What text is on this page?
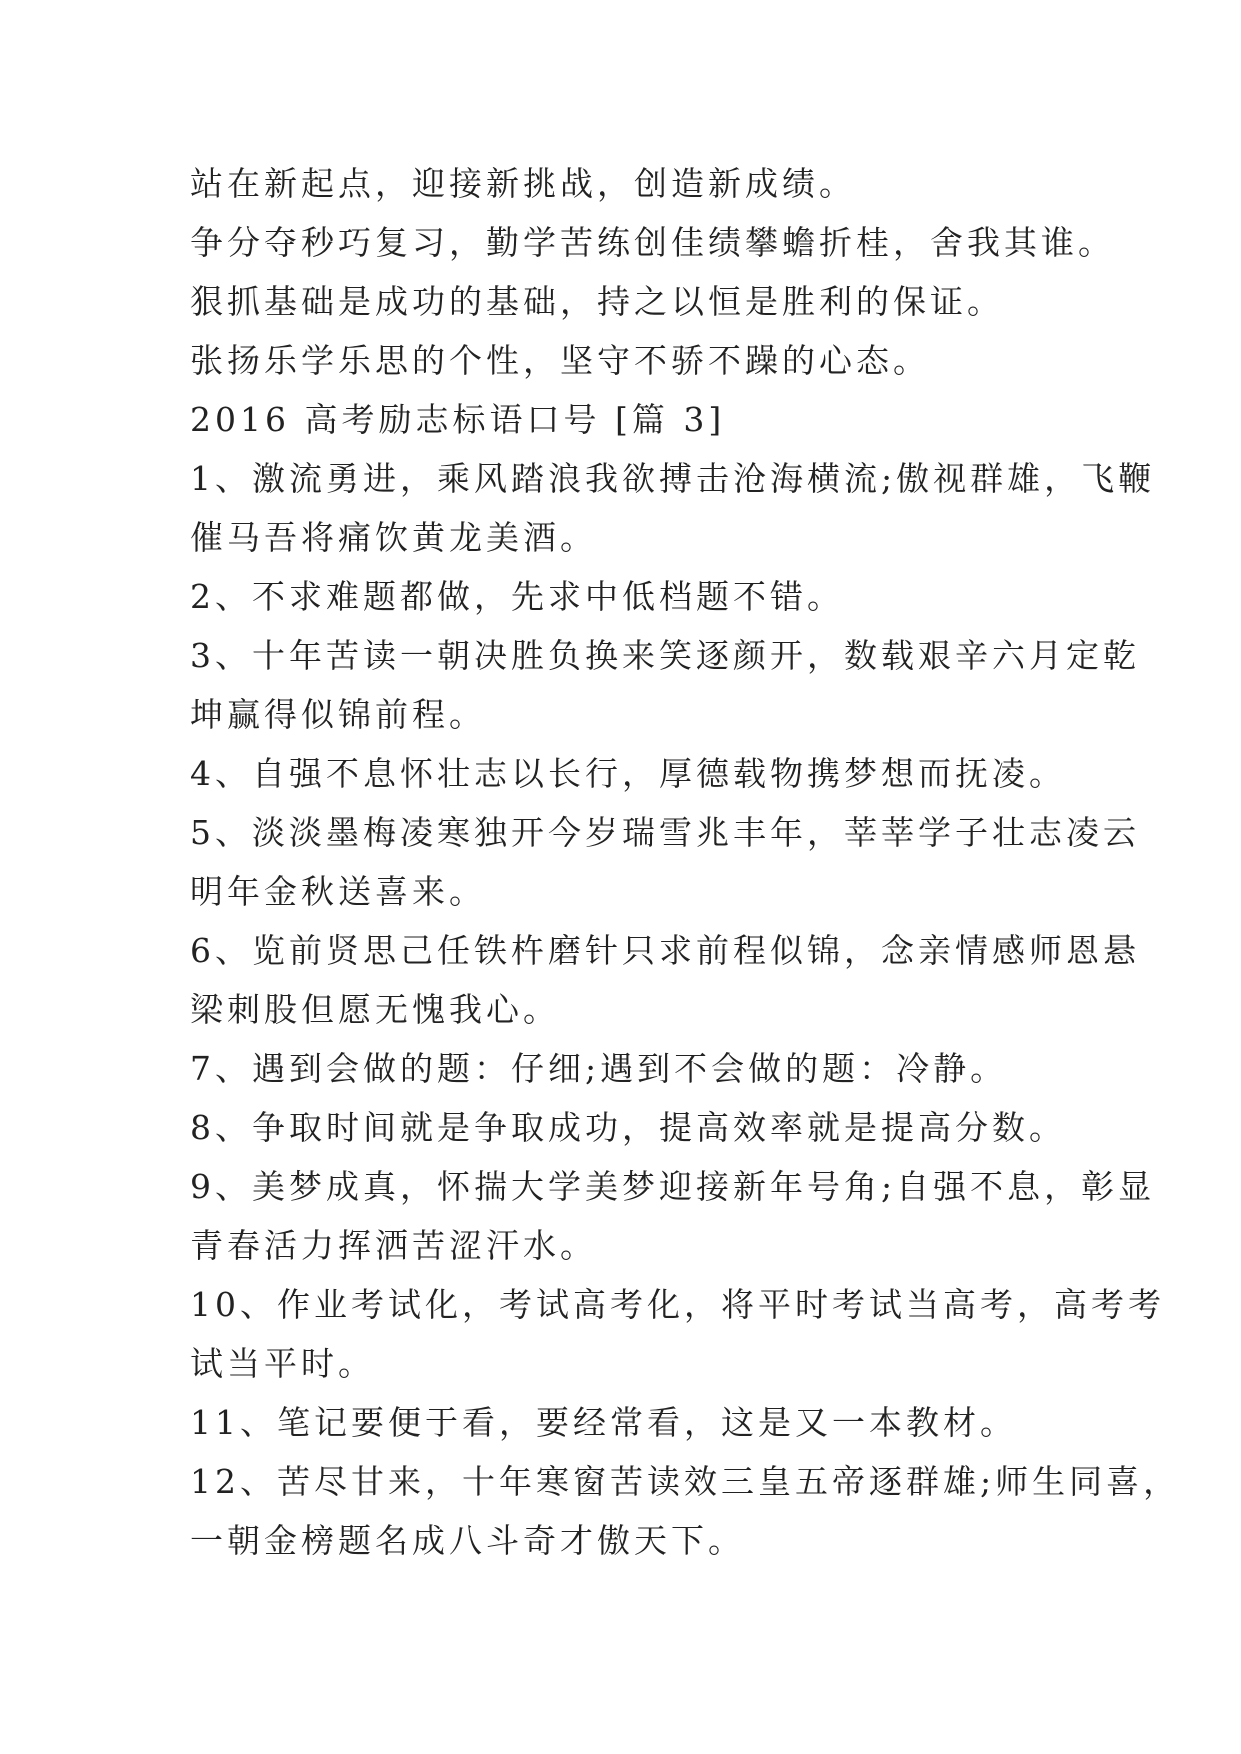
站在新起点，迎接新挑战，创造新成绩。
争分夺秒巧复习，勤学苦练创佳绩攀蟾折桂，舍我其谁。
狠抓基础是成功的基础，持之以恒是胜利的保证。
张扬乐学乐思的个性，坚守不骄不躁的心态。
2016 高考励志标语口号 [篇 3]
1、激流勇进，乘风踏浪我欲搏击沧海横流;傲视群雄，飞鞭
催马吾将痛饮黄龙美酒。
2、不求难题都做，先求中低档题不错。
3、十年苦读一朝决胜负换来笑逐颜开，数载艰辛六月定乾
坤赢得似锦前程。
4、自强不息怀壮志以长行，厚德载物携梦想而抚凌。
5、淡淡墨梅凌寒独开今岁瑞雪兆丰年，莘莘学子壮志凌云
明年金秋送喜来。
6、览前贤思己任铁杵磨针只求前程似锦，念亲情感师恩悬
梁刺股但愿无愧我心。
7、遇到会做的题：仔细;遇到不会做的题：冷静。
8、争取时间就是争取成功，提高效率就是提高分数。
9、美梦成真，怀揣大学美梦迎接新年号角;自强不息，彰显
青春活力挥洒苦涩汗水。
10、作业考试化，考试高考化，将平时考试当高考，高考考
试当平时。
11、笔记要便于看，要经常看，这是又一本教材。
12、苦尽甘来，十年寒窗苦读效三皇五帝逐群雄;师生同喜，
一朝金榜题名成八斗奇才傲天下。
